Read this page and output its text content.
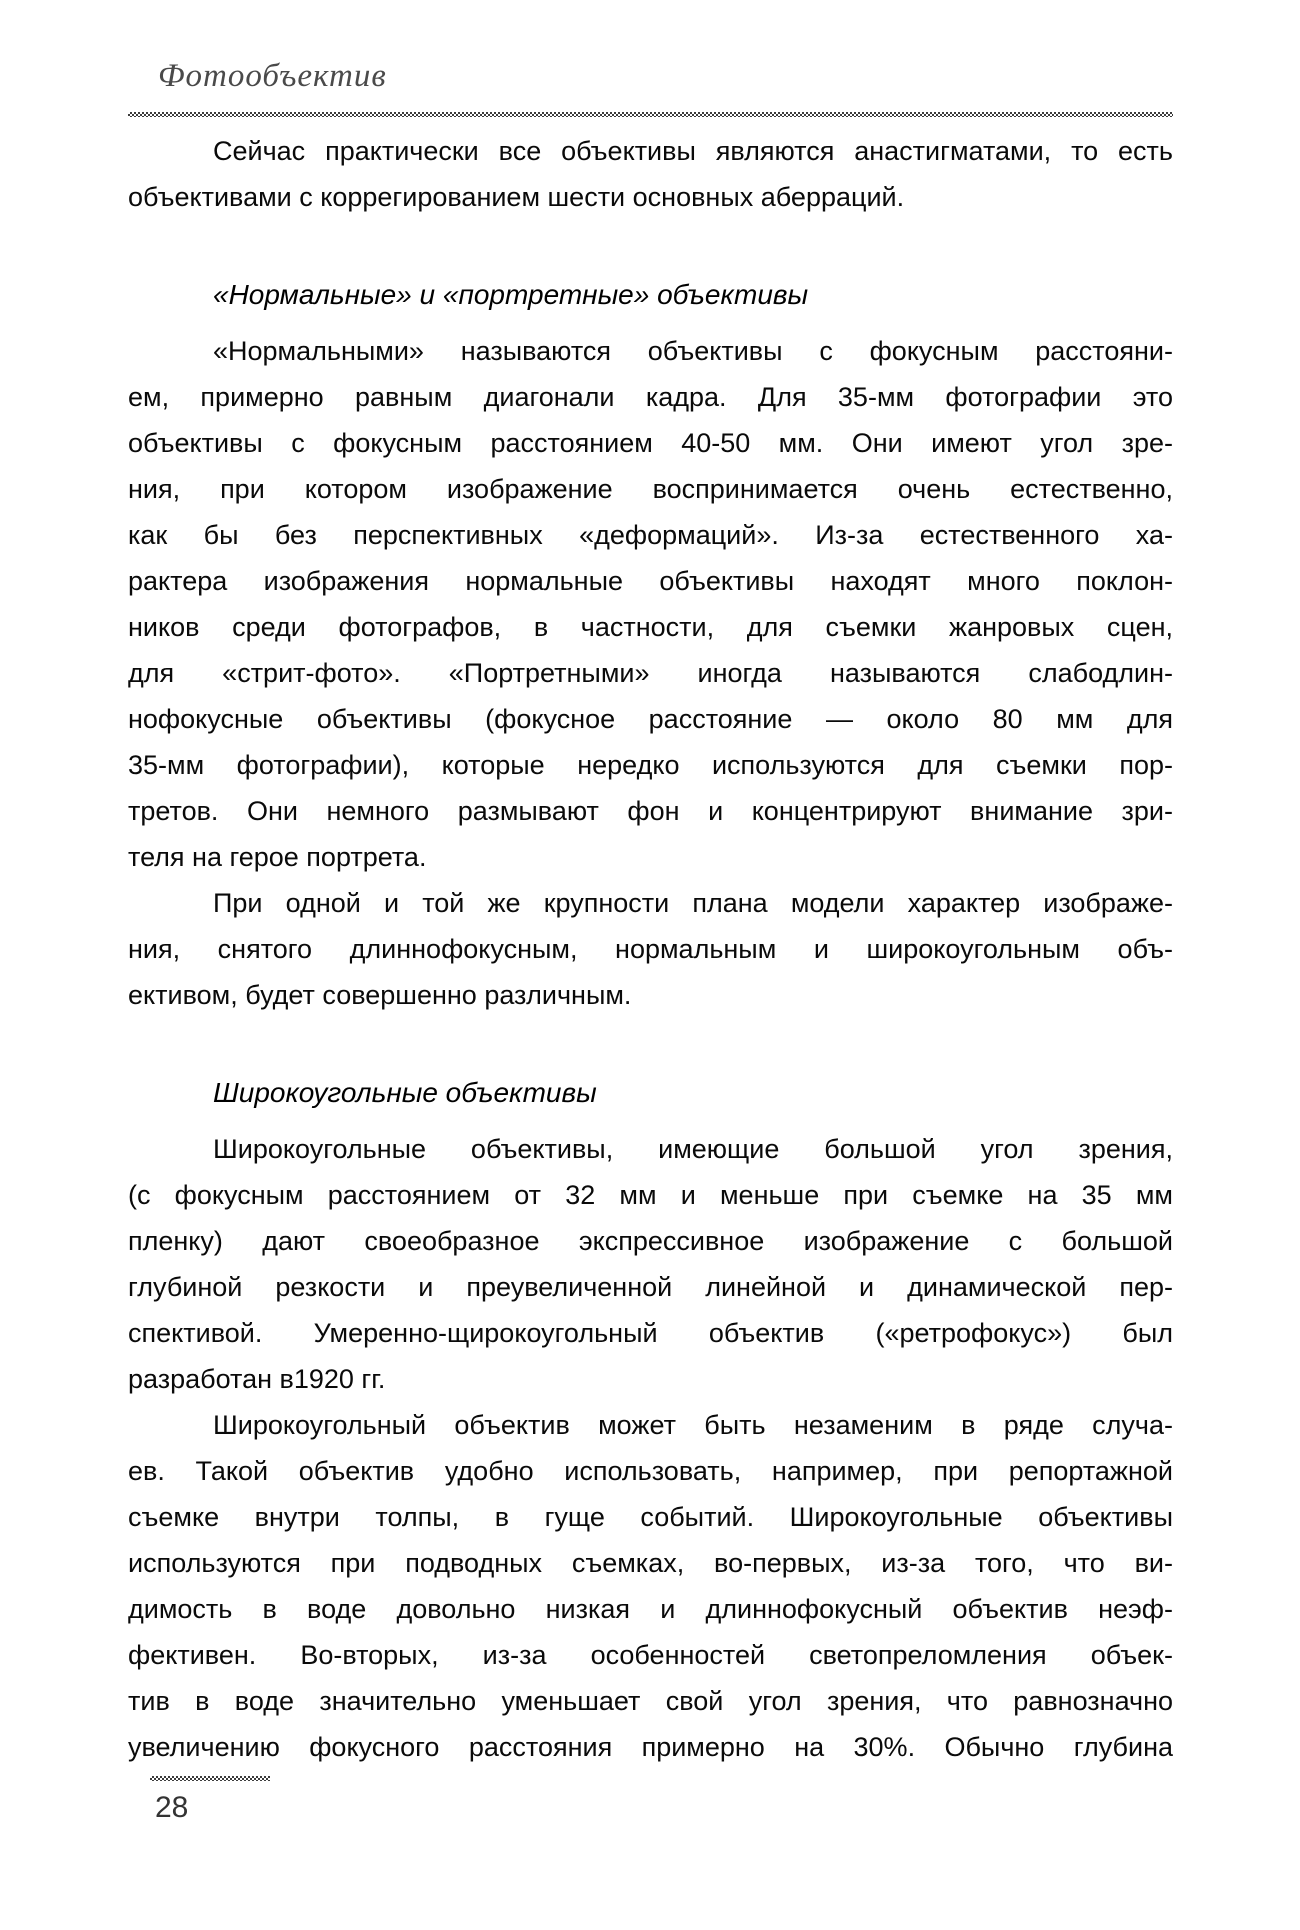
Фотообъектив
Сейчас практически все объективы являются анастигматами, то есть
объективами с коррегированием шести основных аберраций.
«Нормальные» и «портретные» объективы
«Нормальными» называются объективы с фокусным расстояни-
ем, примерно равным диагонали кадра. Для 35-мм фотографии это
объективы с фокусным расстоянием 40-50 мм. Они имеют угол зре-
ния, при котором изображение воспринимается очень естественно,
как бы без перспективных «деформаций». Из-за естественного ха-
рактера изображения нормальные объективы находят много поклон-
ников среди фотографов, в частности, для съемки жанровых сцен,
для «стрит-фото». «Портретными» иногда называются слабодлин-
нофокусные объективы (фокусное расстояние — около 80 мм для
35-мм фотографии), которые нередко используются для съемки пор-
третов. Они немного размывают фон и концентрируют внимание зри-
теля на герое портрета.
При одной и той же крупности плана модели характер изображе-
ния, снятого длиннофокусным, нормальным и широкоугольным объ-
ективом, будет совершенно различным.
Широкоугольные объективы
Широкоугольные объективы, имеющие большой угол зрения,
(с фокусным расстоянием от 32 мм и меньше при съемке на 35 мм
пленку) дают своеобразное экспрессивное изображение с большой
глубиной резкости и преувеличенной линейной и динамической пер-
спективой. Умеренно-щирокоугольный объектив («ретрофокус») был
разработан в1920 гг.
Широкоугольный объектив может быть незаменим в ряде случа-
ев. Такой объектив удобно использовать, например, при репортажной
съемке внутри толпы, в гуще событий. Широкоугольные объективы
используются при подводных съемках, во-первых, из-за того, что ви-
димость в воде довольно низкая и длиннофокусный объектив неэф-
фективен. Во-вторых, из-за особенностей светопреломления объек-
тив в воде значительно уменьшает свой угол зрения, что равнозначно
увеличению фокусного расстояния примерно на 30%. Обычно глубина
28
